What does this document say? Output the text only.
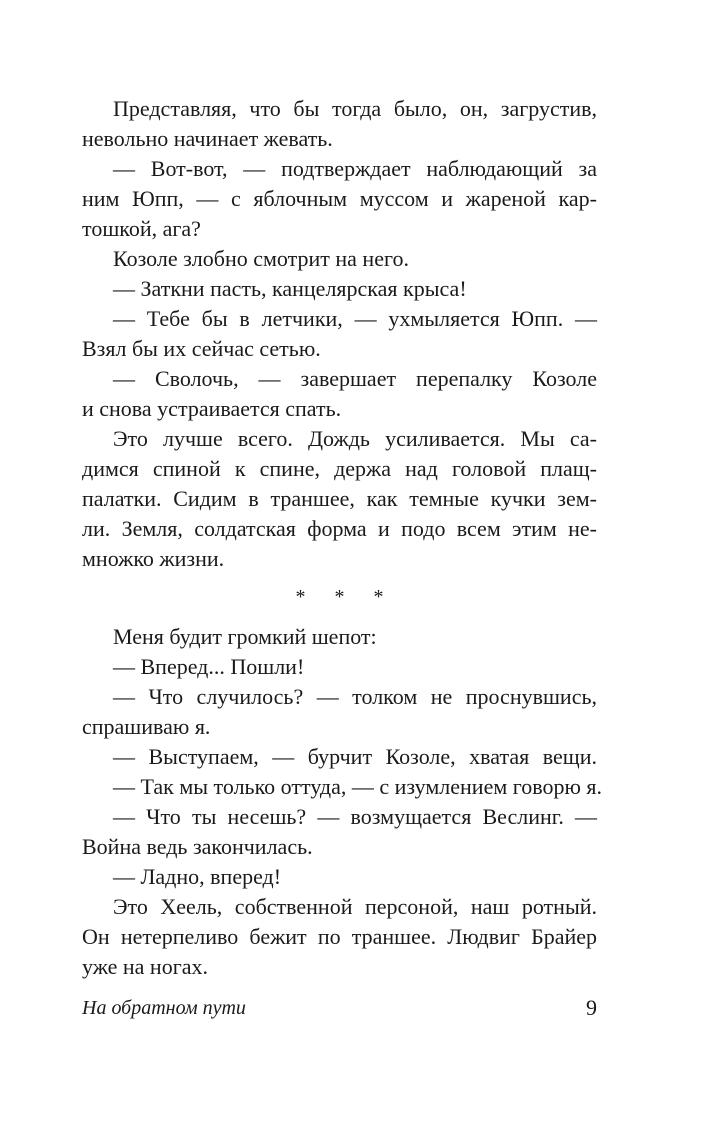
Представляя, что бы тогда было, он, загрустив,
невольно начинает жевать.
— Вот-вот, — подтверждает наблюдающий за
ним Юпп, — с яблочным муссом и жареной кар-
тошкой, ага?
Козоле злобно смотрит на него.
— Заткни пасть, канцелярская крыса!
— Тебе бы в летчики, — ухмыляется Юпп. —
Взял бы их сейчас сетью.
— Сволочь, — завершает перепалку Козоле
и снова устраивается спать.
Это лучше всего. Дождь усиливается. Мы са-
димся спиной к спине, держа над головой плащ-
палатки. Сидим в траншее, как темные кучки зем-
ли. Земля, солдатская форма и подо всем этим не-
множко жизни.
* * *
Меня будит громкий шепот:
— Вперед... Пошли!
— Что случилось? — толком не проснувшись,
спрашиваю я.
— Выступаем, — бурчит Козоле, хватая вещи.
— Так мы только оттуда, — с изумлением говорю я.
— Что ты несешь? — возмущается Веслинг. —
Война ведь закончилась.
— Ладно, вперед!
Это Хеель, собственной персоной, наш ротный.
Он нетерпеливо бежит по траншее. Людвиг Брайер
уже на ногах.
На обратном пути	9
